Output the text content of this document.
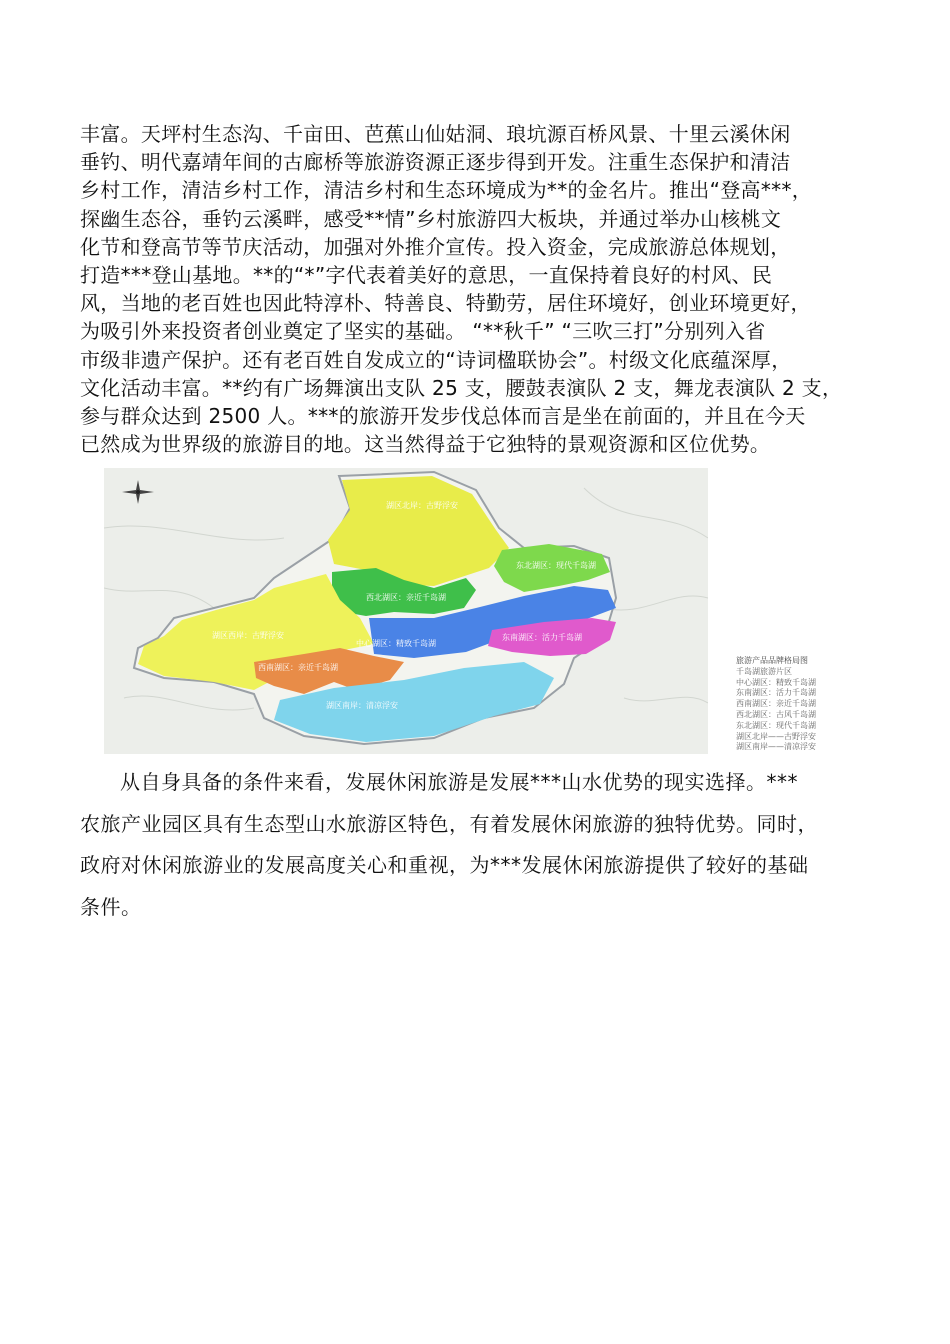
丰富。天坪村生态沟、千亩田、芭蕉山仙姑洞、琅坑源百桥风景、十里云溪休闲
垂钓、明代嘉靖年间的古廊桥等旅游资源正逐步得到开发。注重生态保护和清洁
乡村工作，清洁乡村工作，清洁乡村和生态环境成为**的金名片。推出“登高***，
探幽生态谷，垂钓云溪畔，感受**情”乡村旅游四大板块，并通过举办山核桃文
化节和登高节等节庆活动，加强对外推介宣传。投入资金，完成旅游总体规划，
打造***登山基地。**的“*”字代表着美好的意思，一直保持着良好的村风、民
风，当地的老百姓也因此特淳朴、特善良、特勤劳，居住环境好，创业环境更好，
为吸引外来投资者创业奠定了坚实的基础。 “**秋千” “三吹三打”分别列入省
市级非遗产保护。还有老百姓自发成立的“诗词楹联协会”。村级文化底蕴深厚，
文化活动丰富。**约有广场舞演出支队 25 支，腰鼓表演队 2 支，舞龙表演队 2 支，
参与群众达到 2500 人。***的旅游开发步伐总体而言是坐在前面的，并且在今天
已然成为世界级的旅游目的地。这当然得益于它独特的景观资源和区位优势。
湖区北岸：古野浮安
东北湖区：现代千岛湖
西北湖区：亲近千岛湖
湖区西岸：古野浮安
中心湖区：精致千岛湖
东南湖区：活力千岛湖
西南湖区：亲近千岛湖
湖区南岸：清凉浮安
旅游产品品牌格局图
千岛湖旅游片区
中心湖区：精致千岛湖
东南湖区：活力千岛湖
西南湖区：亲近千岛湖
西北湖区：古风千岛湖
东北湖区：现代千岛湖
湖区北岸——古野浮安
湖区南岸——清凉浮安
从自身具备的条件来看，发展休闲旅游是发展***山水优势的现实选择。***
农旅产业园区具有生态型山水旅游区特色，有着发展休闲旅游的独特优势。同时，
政府对休闲旅游业的发展高度关心和重视，为***发展休闲旅游提供了较好的基础
条件。
